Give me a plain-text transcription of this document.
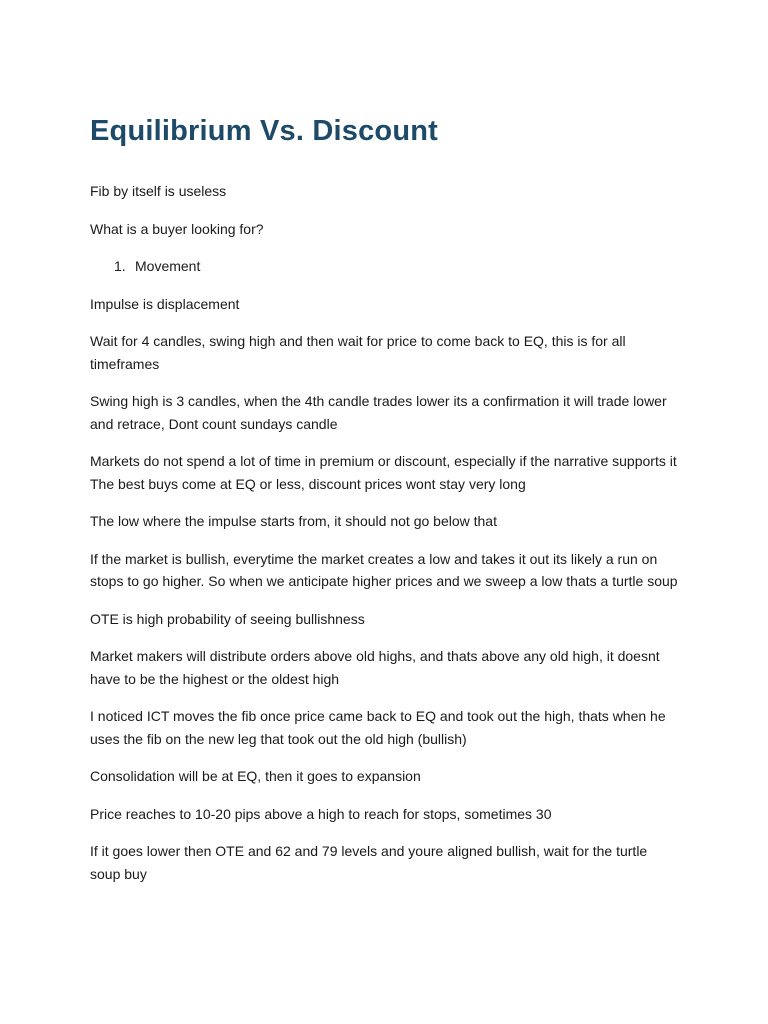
Equilibrium Vs. Discount

Fib by itself is useless

What is a buyer looking for?

1. Movement

Impulse is displacement

Wait for 4 candles, swing high and then wait for price to come back to EQ, this is for all timeframes

Swing high is 3 candles, when the 4th candle trades lower its a confirmation it will trade lower and retrace, Dont count sundays candle

Markets do not spend a lot of time in premium or discount, especially if the narrative supports it The best buys come at EQ or less, discount prices wont stay very long

The low where the impulse starts from, it should not go below that

If the market is bullish, everytime the market creates a low and takes it out its likely a run on stops to go higher. So when we anticipate higher prices and we sweep a low thats a turtle soup

OTE is high probability of seeing bullishness

Market makers will distribute orders above old highs, and thats above any old high, it doesnt have to be the highest or the oldest high

I noticed ICT moves the fib once price came back to EQ and took out the high, thats when he uses the fib on the new leg that took out the old high (bullish)

Consolidation will be at EQ, then it goes to expansion

Price reaches to 10-20 pips above a high to reach for stops, sometimes 30

If it goes lower then OTE and 62 and 79 levels and youre aligned bullish, wait for the turtle soup buy
